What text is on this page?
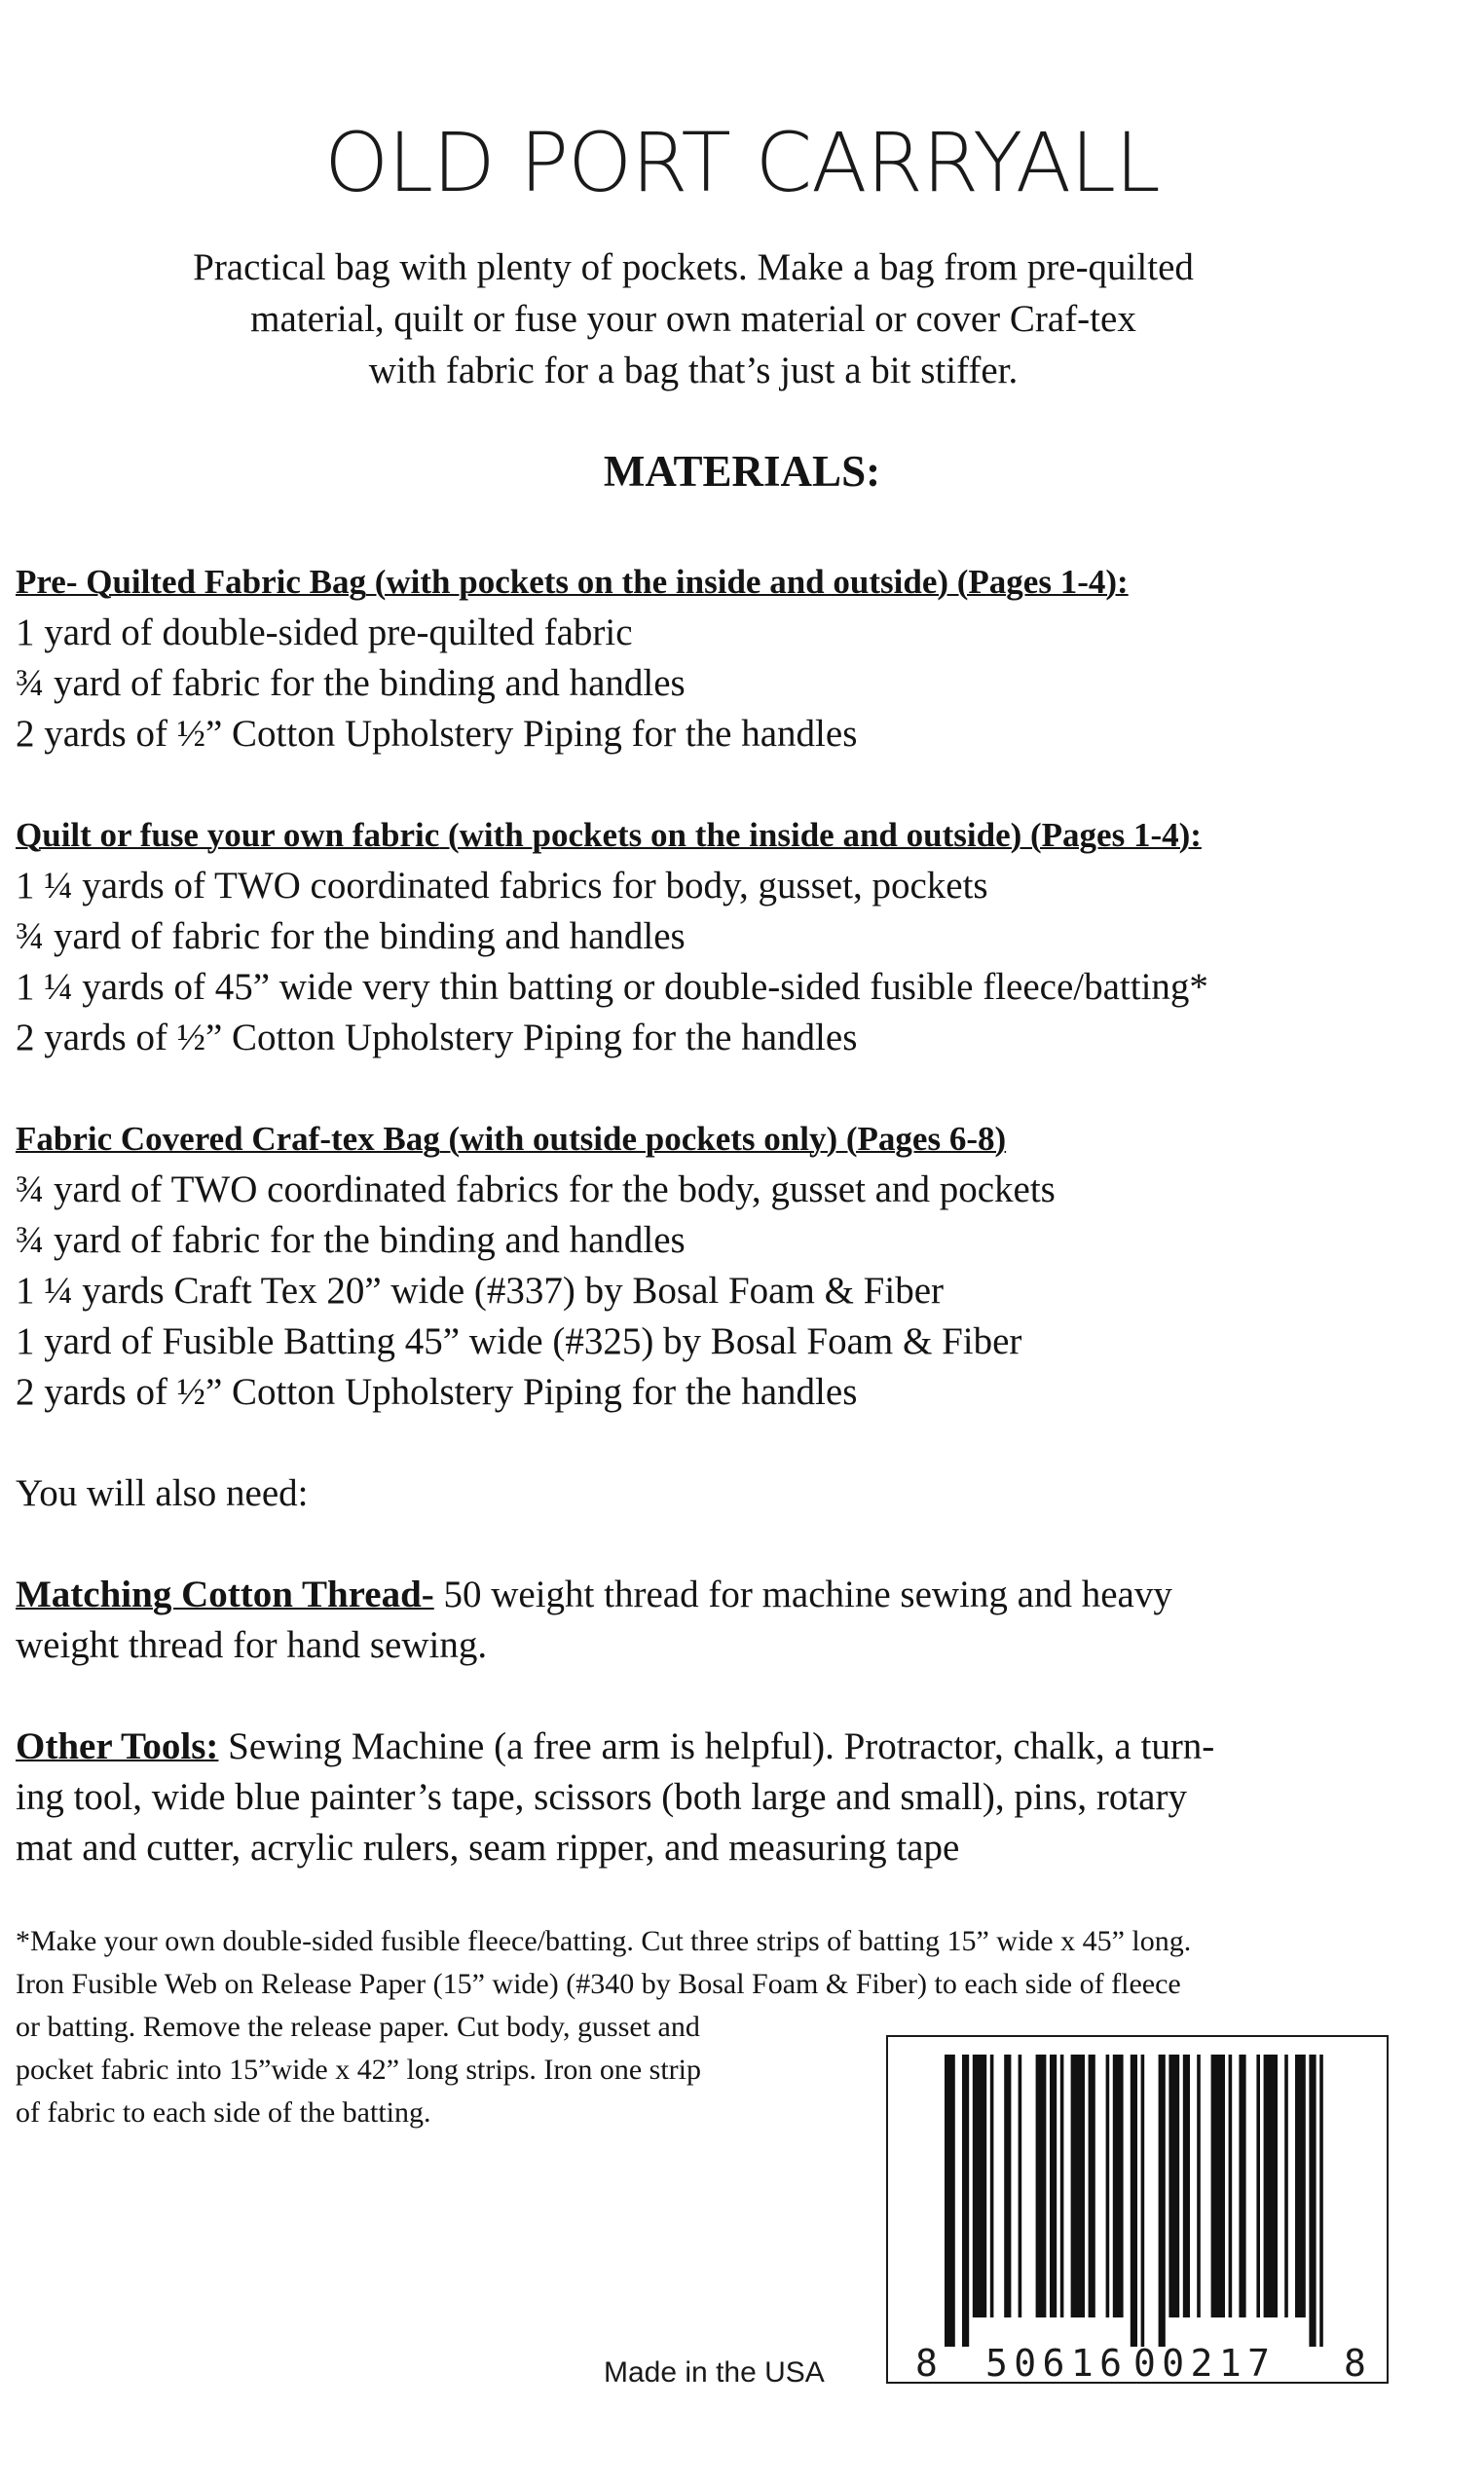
OLD PORT CARRYALL

Practical bag with plenty of pockets. Make a bag from pre-quilted
material, quilt or fuse your own material or cover Craf-tex
with fabric for a bag that’s just a bit stiffer.

MATERIALS:
Pre- Quilted Fabric Bag (with pockets on the inside and outside) (Pages 1-4):
1 yard of double-sided pre-quilted fabric
¾ yard of fabric for the binding and handles
2 yards of ½” Cotton Upholstery Piping for the handles
Quilt or fuse your own fabric (with pockets on the inside and outside) (Pages 1-4):
1 ¼ yards of TWO coordinated fabrics for body, gusset, pockets
¾ yard of fabric for the binding and handles
1 ¼ yards of 45” wide very thin batting or double-sided fusible fleece/batting*
2 yards of ½” Cotton Upholstery Piping for the handles
Fabric Covered Craf-tex Bag (with outside pockets only) (Pages 6-8)
¾ yard of TWO coordinated fabrics for the body, gusset and pockets
¾ yard of fabric for the binding and handles
1 ¼ yards Craft Tex 20” wide (#337) by Bosal Foam & Fiber
1 yard of Fusible Batting 45” wide (#325) by Bosal Foam & Fiber
2 yards of ½” Cotton Upholstery Piping for the handles

You will also need:

Matching Cotton Thread- 50 weight thread for machine sewing and heavy
weight thread for hand sewing.

Other Tools: Sewing Machine (a free arm is helpful). Protractor, chalk, a turn-
ing tool, wide blue painter’s tape, scissors (both large and small), pins, rotary
mat and cutter, acrylic rulers, seam ripper, and measuring tape

*Make your own double-sided fusible fleece/batting. Cut three strips of batting 15” wide x 45” long.
Iron Fusible Web on Release Paper (15” wide) (#340 by Bosal Foam & Fiber) to each side of fleece
or batting. Remove the release paper. Cut body, gusset and
pocket fabric into 15”wide x 42” long strips. Iron one strip
of fabric to each side of the batting.

8 50616 00217 8

Made in the USA
